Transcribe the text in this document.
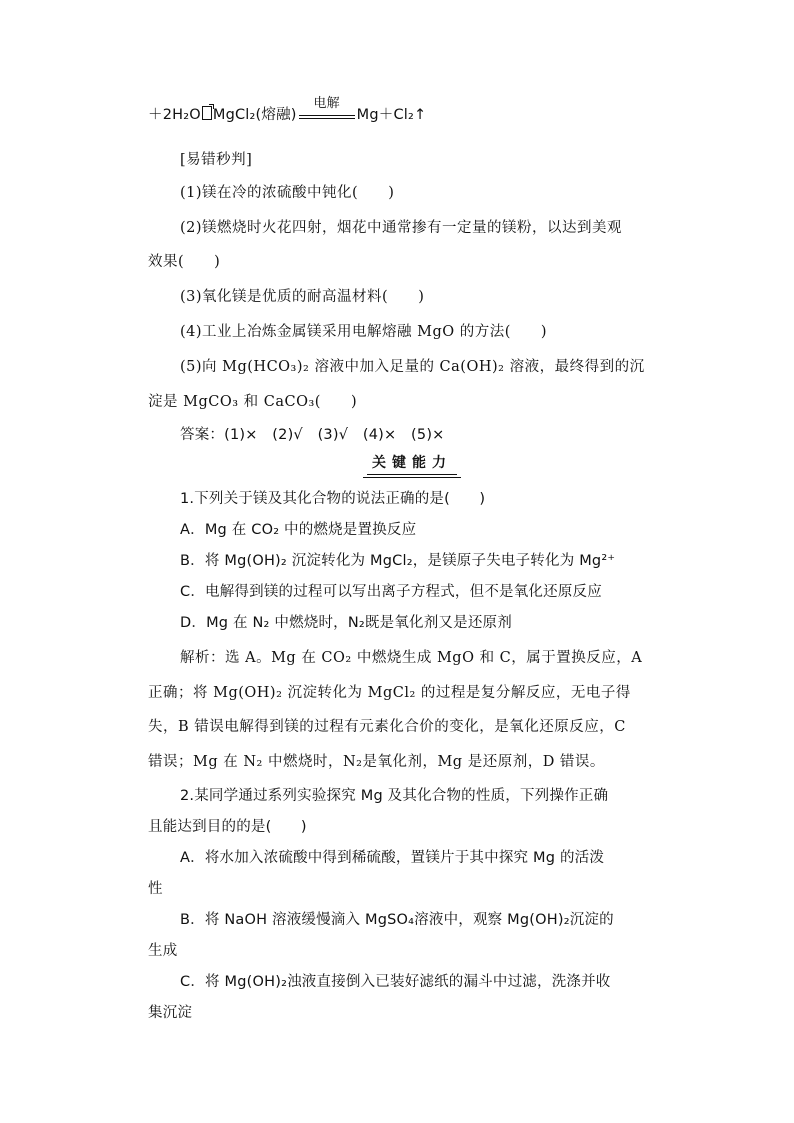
＋2H₂O MgCl₂(熔融)
电解
Mg＋Cl₂↑
[易错秒判]
(1)镁在冷的浓硫酸中钝化(　　)
(2)镁燃烧时火花四射，烟花中通常掺有一定量的镁粉，以达到美观
效果(　　)
(3)氧化镁是优质的耐高温材料(　　)
(4)工业上冶炼金属镁采用电解熔融 MgO 的方法(　　)
(5)向 Mg(HCO₃)₂ 溶液中加入足量的 Ca(OH)₂ 溶液，最终得到的沉
淀是 MgCO₃ 和 CaCO₃(　　)
答案：(1)×　(2)√　(3)√　(4)×　(5)×
关键能力
1.下列关于镁及其化合物的说法正确的是(　　)
A．Mg 在 CO₂ 中的燃烧是置换反应
B．将 Mg(OH)₂ 沉淀转化为 MgCl₂，是镁原子失电子转化为 Mg²⁺
C．电解得到镁的过程可以写出离子方程式，但不是氧化还原反应
D．Mg 在 N₂ 中燃烧时，N₂既是氧化剂又是还原剂
解析：选 A。Mg 在 CO₂ 中燃烧生成 MgO 和 C，属于置换反应，A
正确；将 Mg(OH)₂ 沉淀转化为 MgCl₂ 的过程是复分解反应，无电子得
失，B 错误电解得到镁的过程有元素化合价的变化，是氧化还原反应，C
错误；Mg 在 N₂ 中燃烧时，N₂是氧化剂，Mg 是还原剂，D 错误。
2.某同学通过系列实验探究 Mg 及其化合物的性质，下列操作正确
且能达到目的的是(　　)
A．将水加入浓硫酸中得到稀硫酸，置镁片于其中探究 Mg 的活泼
性
B．将 NaOH 溶液缓慢滴入 MgSO₄溶液中，观察 Mg(OH)₂沉淀的
生成
C．将 Mg(OH)₂浊液直接倒入已装好滤纸的漏斗中过滤，洗涤并收
集沉淀
